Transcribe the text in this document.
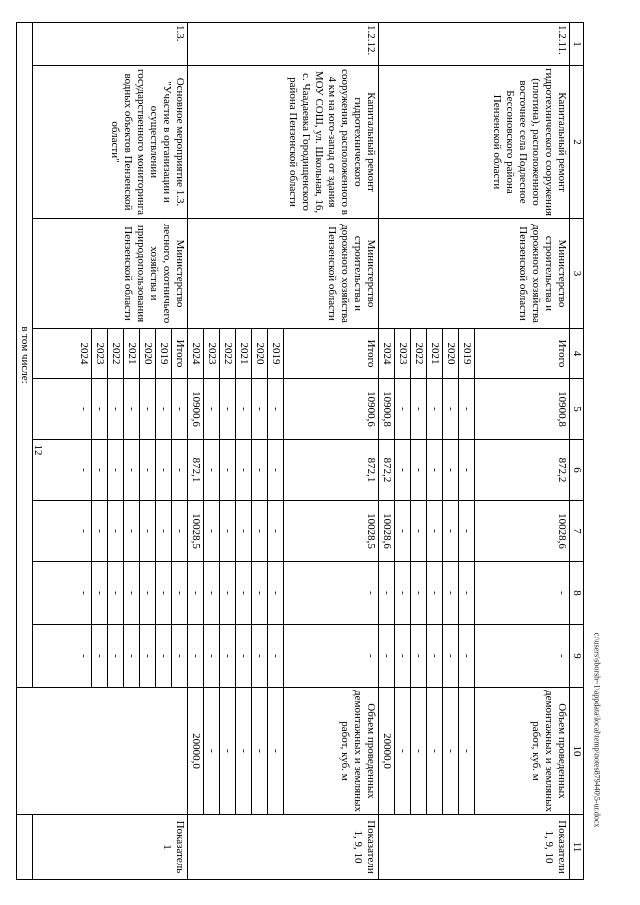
12
1	2	3	4	5	6	7	8	9	10	11
1.2.11.	Капитальный ремонт гидротехнического сооружения (плотина), расположенного восточнее села Подлесное Бессоновского района Пензенской области	Министерство строительства и дорожного хозяйства Пензенской области	Итого	10900,8	872,2	10028,6	-	-	Объем проведенных демонтажных и земляных работ, куб. м	Показатели 1, 9, 10
			2019	-	-	-	-	-	-	
			2020	-	-	-	-	-	-	
			2021	-	-	-	-	-	-	
			2022	-	-	-	-	-	-	
			2023	-	-	-	-	-	-	
			2024	10900,8	872,2	10028,6	-	-	20000,0	
1.2.12.	Капитальный ремонт гидротехнического сооружения, расположенного в 4 км на юго-запад от здания МОУ СОШ, ул. Школьная, 16, с. Чаадаевка Городищенского района Пензенской области	Министерство строительства и дорожного хозяйства Пензенской области	Итого	10900,6	872,1	10028,5	-	-	Объем проведенных демонтажных и земляных работ, куб. м	Показатели 1, 9, 10
			2019	-	-	-	-	-	-	
			2020	-	-	-	-	-	-	
			2021	-	-	-	-	-	-	
			2022	-	-	-	-	-	-	
			2023	-	-	-	-	-	-	
			2024	10900,6	872,1	10028,5	-	-	20000,0	
1.3.	Основное мероприятие 1.3. "Участие в организации и осуществлении государственного мониторинга водных объектов Пензенской области"	Министерство лесного, охотничьего хозяйства и природопользования Пензенской области	Итого	-	-	-	-	-		Показатель 1
			2019	-	-	-	-	-		
			2020	-	-	-	-	-		
			2021	-	-	-	-	-		
			2022	-	-	-	-	-		
			2023	-	-	-	-	-		
			2024	-	-	-	-	-		
в том числе:										
c:\users\sborsh~1\appdata\local\temp\notes879440\5-ur.docx
